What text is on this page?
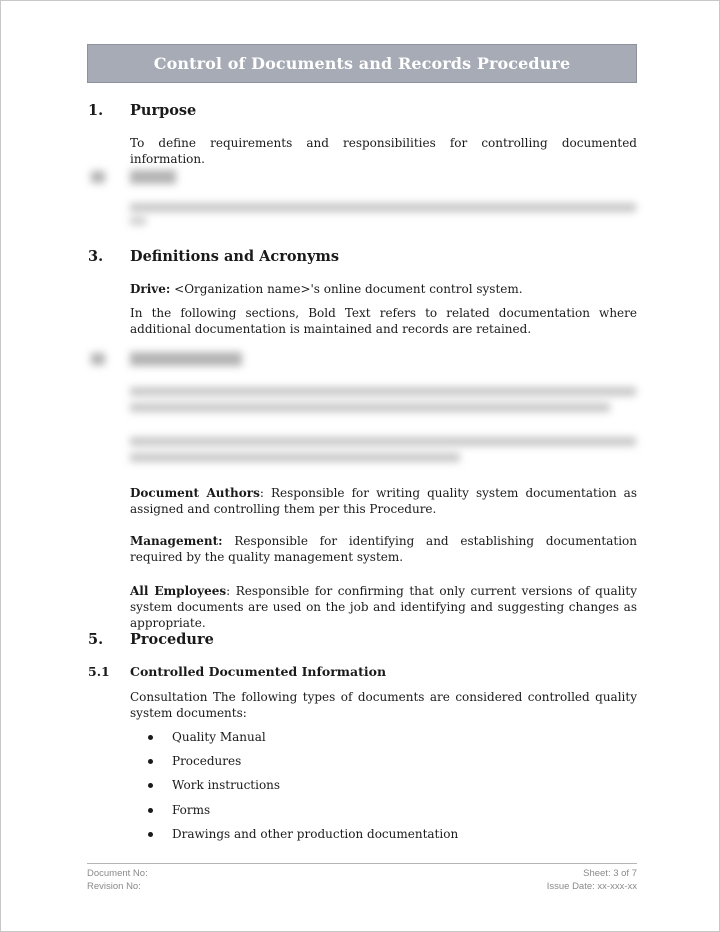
Control of Documents and Records Procedure
1. Purpose
To define requirements and responsibilities for controlling documented information.
3. Definitions and Acronyms
Drive: <Organization name>'s online document control system.
In the following sections, Bold Text refers to related documentation where additional documentation is maintained and records are retained.
Document Authors: Responsible for writing quality system documentation as assigned and controlling them per this Procedure.
Management: Responsible for identifying and establishing documentation required by the quality management system.
All Employees: Responsible for confirming that only current versions of quality system documents are used on the job and identifying and suggesting changes as appropriate.
5. Procedure
5.1 Controlled Documented Information
Consultation The following types of documents are considered controlled quality system documents:
Quality Manual
Procedures
Work instructions
Forms
Drawings and other production documentation
Document No:
Revision No:
Sheet: 3 of 7
Issue Date: xx-xxx-xx
